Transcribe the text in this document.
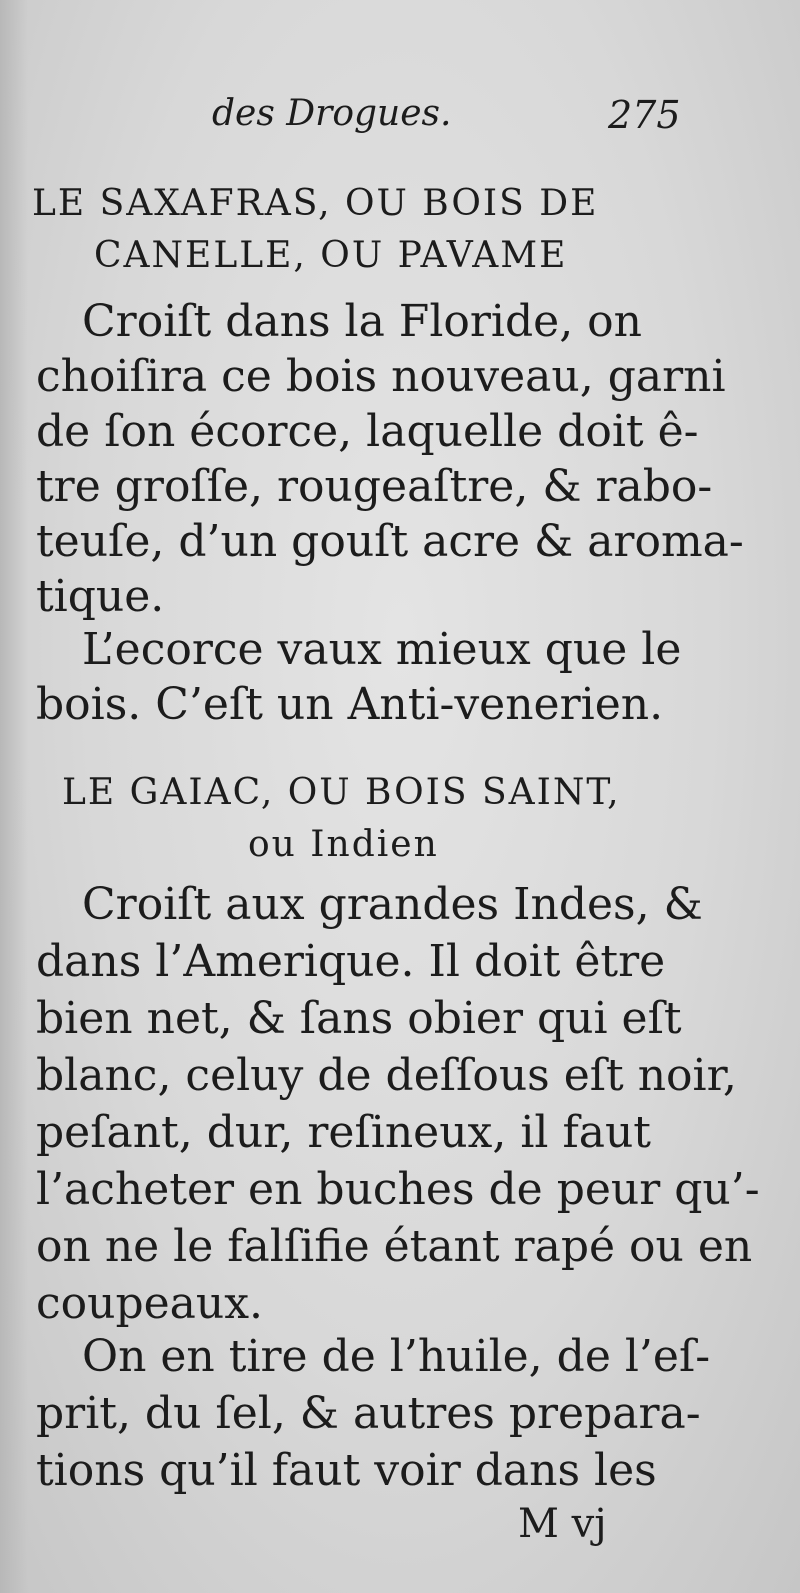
des Drogues.	275
LE SAXAFRAS, OU BOIS DE
CANELLE, OU PAVAME
Croiſt dans la Floride, on
choiſira ce bois nouveau, garni
de ſon écorce, laquelle doit ê-
tre groſſe, rougeaſtre, & rabo-
teuſe, d’un gouſt acre & aroma-
tique.
L’ecorce vaux mieux que le
bois. C’eſt un Anti-venerien.
LE GAIAC, OU BOIS SAINT,
ou Indien
Croiſt aux grandes Indes, &
dans l’Amerique. Il doit être
bien net, & ſans obier qui eſt
blanc, celuy de deſſous eſt noir,
peſant, dur, reſineux, il faut
l’acheter en buches de peur qu’-
on ne le falſifie étant rapé ou en
coupeaux.
On en tire de l’huile, de l’eſ-
prit, du ſel, & autres prepara-
tions qu’il faut voir dans les
M vj
